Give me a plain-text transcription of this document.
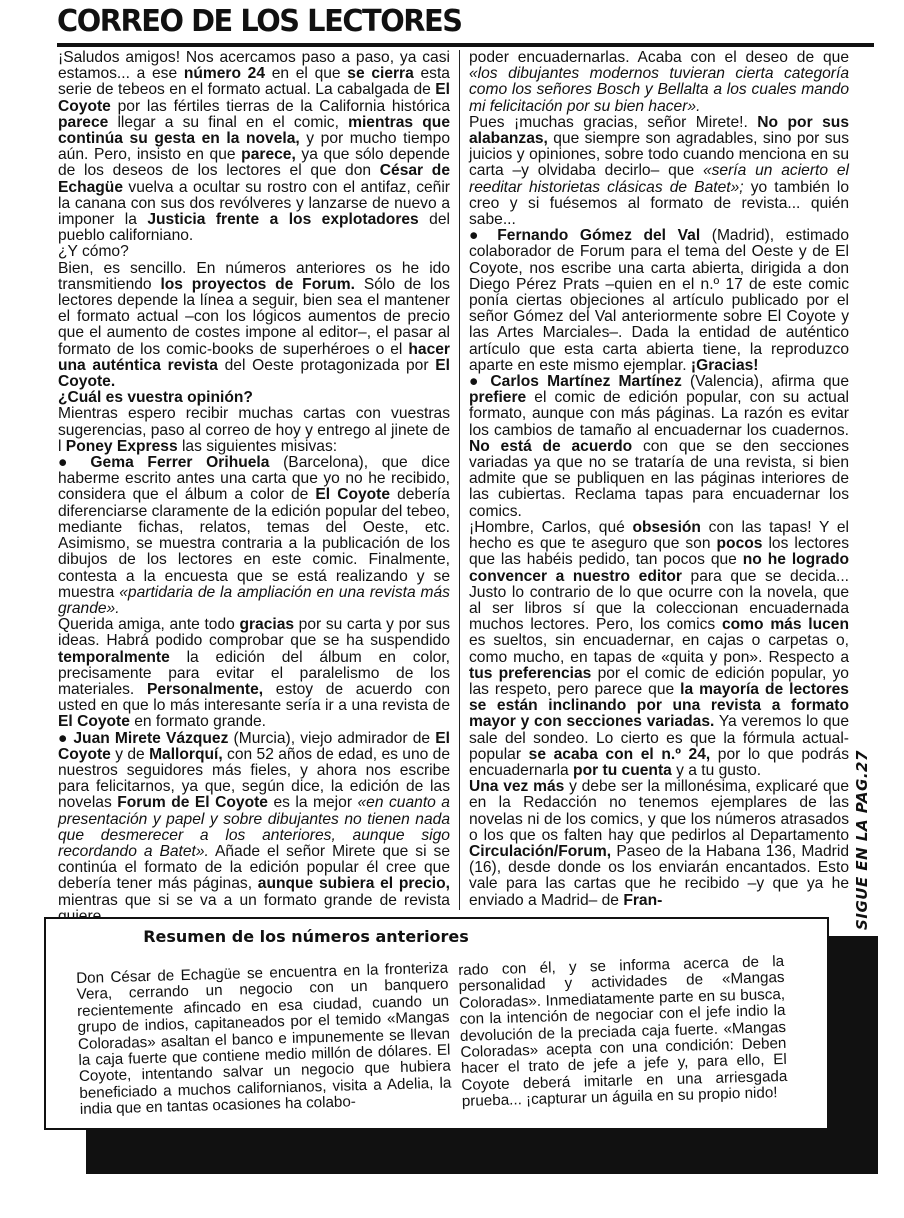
CORREO DE LOS LECTORES

¡Saludos amigos! Nos acercamos paso a paso, ya casi estamos... a ese número 24 en el que se cierra esta serie de tebeos en el formato actual. La cabalgada de El Coyote por las fértiles tierras de la California histórica parece llegar a su final en el comic, mientras que continúa su gesta en la novela, y por mucho tiempo aún. Pero, insisto en que parece, ya que sólo depende de los deseos de los lectores el que don César de Echagüe vuelva a ocultar su rostro con el antifaz, ceñir la canana con sus dos revólveres y lanzarse de nuevo a imponer la Justicia frente a los explotadores del pueblo californiano.

¿Y cómo?

Bien, es sencillo. En números anteriores os he ido transmitiendo los proyectos de Forum. Sólo de los lectores depende la línea a seguir, bien sea el mantener el formato actual –con los lógicos aumentos de precio que el aumento de costes impone al editor–, el pasar al formato de los comic-books de superhéroes o el hacer una auténtica revista del Oeste protagonizada por El Coyote.

¿Cuál es vuestra opinión?

Mientras espero recibir muchas cartas con vuestras sugerencias, paso al correo de hoy y entrego al jinete de l Poney Express las siguientes misivas:

● Gema Ferrer Orihuela (Barcelona), que dice haberme escrito antes una carta que yo no he recibido, considera que el álbum a color de El Coyote debería diferenciarse claramente de la edición popular del tebeo, mediante fichas, relatos, temas del Oeste, etc. Asimismo, se muestra contraria a la publicación de los dibujos de los lectores en este comic. Finalmente, contesta a la encuesta que se está realizando y se muestra «partidaria de la ampliación en una revista más grande».

Querida amiga, ante todo gracias por su carta y por sus ideas. Habrá podido comprobar que se ha suspendido temporalmente la edición del álbum en color, precisamente para evitar el paralelismo de los materiales. Personalmente, estoy de acuerdo con usted en que lo más interesante sería ir a una revista de El Coyote en formato grande.

● Juan Mirete Vázquez (Murcia), viejo admirador de El Coyote y de Mallorquí, con 52 años de edad, es uno de nuestros seguidores más fieles, y ahora nos escribe para felicitarnos, ya que, según dice, la edición de las novelas Forum de El Coyote es la mejor «en cuanto a presentación y papel y sobre dibujantes no tienen nada que desmerecer a los anteriores, aunque sigo recordando a Batet». Añade el señor Mirete que si se continúa el formato de la edición popular él cree que debería tener más páginas, aunque subiera el precio, mientras que si se va a un formato grande de revista

poder encuadernarlas. Acaba con el deseo de que «los dibujantes modernos tuvieran cierta categoría como los señores Bosch y Bellalta a los cuales mando mi felicitación por su bien hacer».

Pues ¡muchas gracias, señor Mirete!. No por sus alabanzas, que siempre son agradables, sino por sus juicios y opiniones, sobre todo cuando menciona en su carta –y olvidaba decirlo– que «sería un acierto el reeditar historietas clásicas de Batet»; yo también lo creo y si fuésemos al formato de revista... quién sabe...

● Fernando Gómez del Val (Madrid), estimado colaborador de Forum para el tema del Oeste y de El Coyote, nos escribe una carta abierta, dirigida a don Diego Pérez Prats –quien en el n.º 17 de este comic ponía ciertas objeciones al artículo publicado por el señor Gómez del Val anteriormente sobre El Coyote y las Artes Marciales–. Dada la entidad de auténtico artículo que esta carta abierta tiene, la reproduzco aparte en este mismo ejemplar. ¡Gracias!

● Carlos Martínez Martínez (Valencia), afirma que prefiere el comic de edición popular, con su actual formato, aunque con más páginas. La razón es evitar los cambios de tamaño al encuadernar los cuadernos. No está de acuerdo con que se den secciones variadas ya que no se trataría de una revista, si bien admite que se publiquen en las páginas interiores de las cubiertas. Reclama tapas para encuadernar los comics.

¡Hombre, Carlos, qué obsesión con las tapas! Y el hecho es que te aseguro que son pocos los lectores que las habéis pedido, tan pocos que no he logrado convencer a nuestro editor para que se decida... Justo lo contrario de lo que ocurre con la novela, que al ser libros sí que la coleccionan encuadernada muchos lectores. Pero, los comics como más lucen es sueltos, sin encuadernar, en cajas o carpetas o, como mucho, en tapas de «quita y pon». Respecto a tus preferencias por el comic de edición popular, yo las respeto, pero parece que la mayoría de lectores se están inclinando por una revista a formato mayor y con secciones variadas. Ya veremos lo que sale del sondeo. Lo cierto es que la fórmula actual-popular se acaba con el n.º 24, por lo que podrás encuadernarla por tu cuenta y a tu gusto.

Una vez más y debe ser la millonésima, explicaré que en la Redacción no tenemos ejemplares de las novelas ni de los comics, y que los números atrasados o los que os falten hay que pedirlos al Departamento Circulación/Forum, Paseo de la Habana 136, Madrid (16), desde donde os los enviarán encantados. Esto vale para las cartas que he recibido –y que ya he enviado a Madrid– de Fran-	SIGUE EN LA PAG.27
Resumen de los números anteriores

Don César de Echagüe se encuentra en la fronteriza Vera, cerrando un negocio con un banquero recientemente afincado en esa ciudad, cuando un grupo de indios, capitaneados por el temido «Mangas Coloradas» asaltan el banco e impunemente se llevan la caja fuerte que contiene medio millón de dólares. El Coyote, intentando salvar un negocio que hubiera beneficiado a muchos californianos, visita a Adelia, la india que en tantas ocasiones ha colabo-

rado con él, y se informa acerca de la personalidad y actividades de «Mangas Coloradas». Inmediatamente parte en su busca, con la intención de negociar con el jefe indio la devolución de la preciada caja fuerte. «Mangas Coloradas» acepta con una condición: Deben hacer el trato de jefe a jefe y, para ello, El Coyote deberá imitarle en una arriesgada prueba... ¡capturar un águila en su propio nido!
